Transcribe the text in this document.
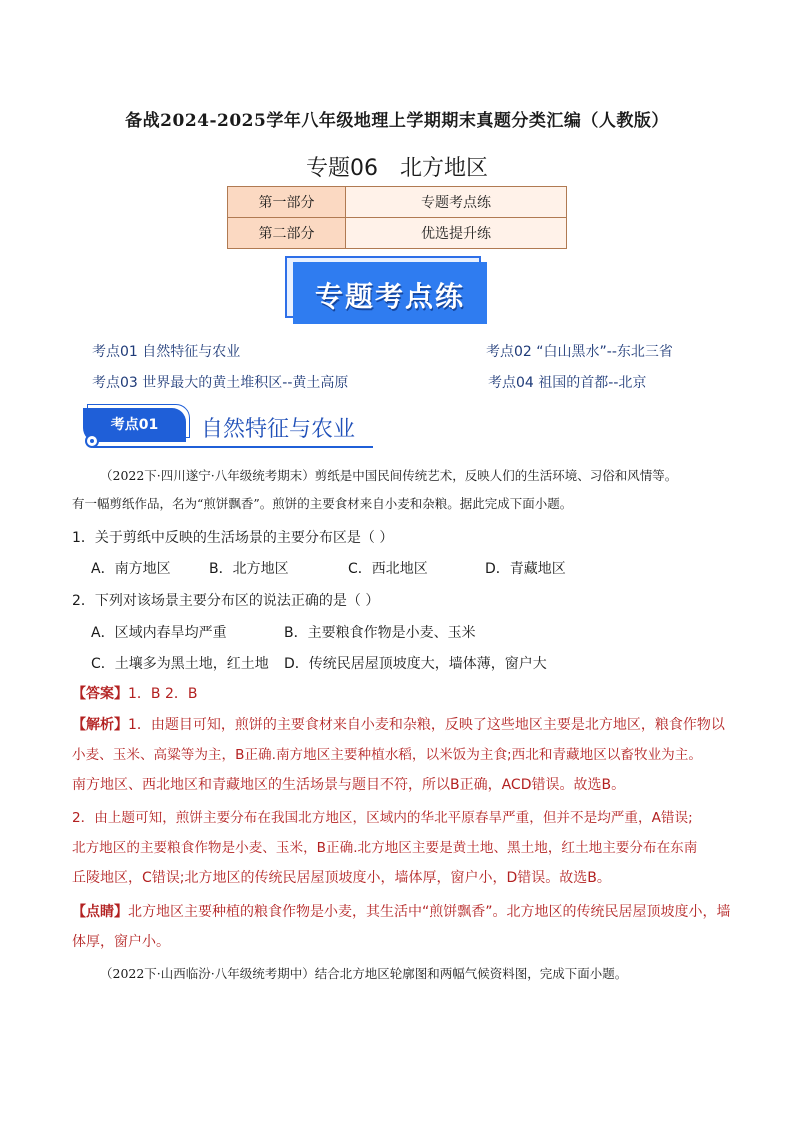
备战2024-2025学年八年级地理上学期期末真题分类汇编（人教版）
专题06 北方地区
第一部分	专题考点练
第二部分	优选提升练
专题考点练
考点01 自然特征与农业	考点02 “白山黑水”--东北三省
考点03 世界最大的黄土堆积区--黄土高原	考点04 祖国的首都--北京
考点01	自然特征与农业
（2022下·四川遂宁·八年级统考期末）剪纸是中国民间传统艺术，反映人们的生活环境、习俗和风情等。
有一幅剪纸作品，名为“煎饼飘香”。煎饼的主要食材来自小麦和杂粮。据此完成下面小题。
1．关于剪纸中反映的生活场景的主要分布区是（ ）
A．南方地区	B．北方地区	C．西北地区	D．青藏地区
2．下列对该场景主要分布区的说法正确的是（ ）
A．区域内春旱均严重	B．主要粮食作物是小麦、玉米
C．土壤多为黑土地，红土地 D．传统民居屋顶坡度大，墙体薄，窗户大
【答案】1．B 2．B
【解析】1．由题目可知，煎饼的主要食材来自小麦和杂粮，反映了这些地区主要是北方地区，粮食作物以
小麦、玉米、高粱等为主，B正确.南方地区主要种植水稻，以米饭为主食;西北和青藏地区以畜牧业为主。
南方地区、西北地区和青藏地区的生活场景与题目不符，所以B正确，ACD错误。故选B。
2．由上题可知，煎饼主要分布在我国北方地区，区域内的华北平原春旱严重，但并不是均严重，A错误;
北方地区的主要粮食作物是小麦、玉米，B正确.北方地区主要是黄土地、黑土地，红土地主要分布在东南
丘陵地区，C错误;北方地区的传统民居屋顶坡度小，墙体厚，窗户小，D错误。故选B。
【点睛】北方地区主要种植的粮食作物是小麦，其生活中“煎饼飘香”。北方地区的传统民居屋顶坡度小，墙
体厚，窗户小。
（2022下·山西临汾·八年级统考期中）结合北方地区轮廓图和两幅气候资料图，完成下面小题。
